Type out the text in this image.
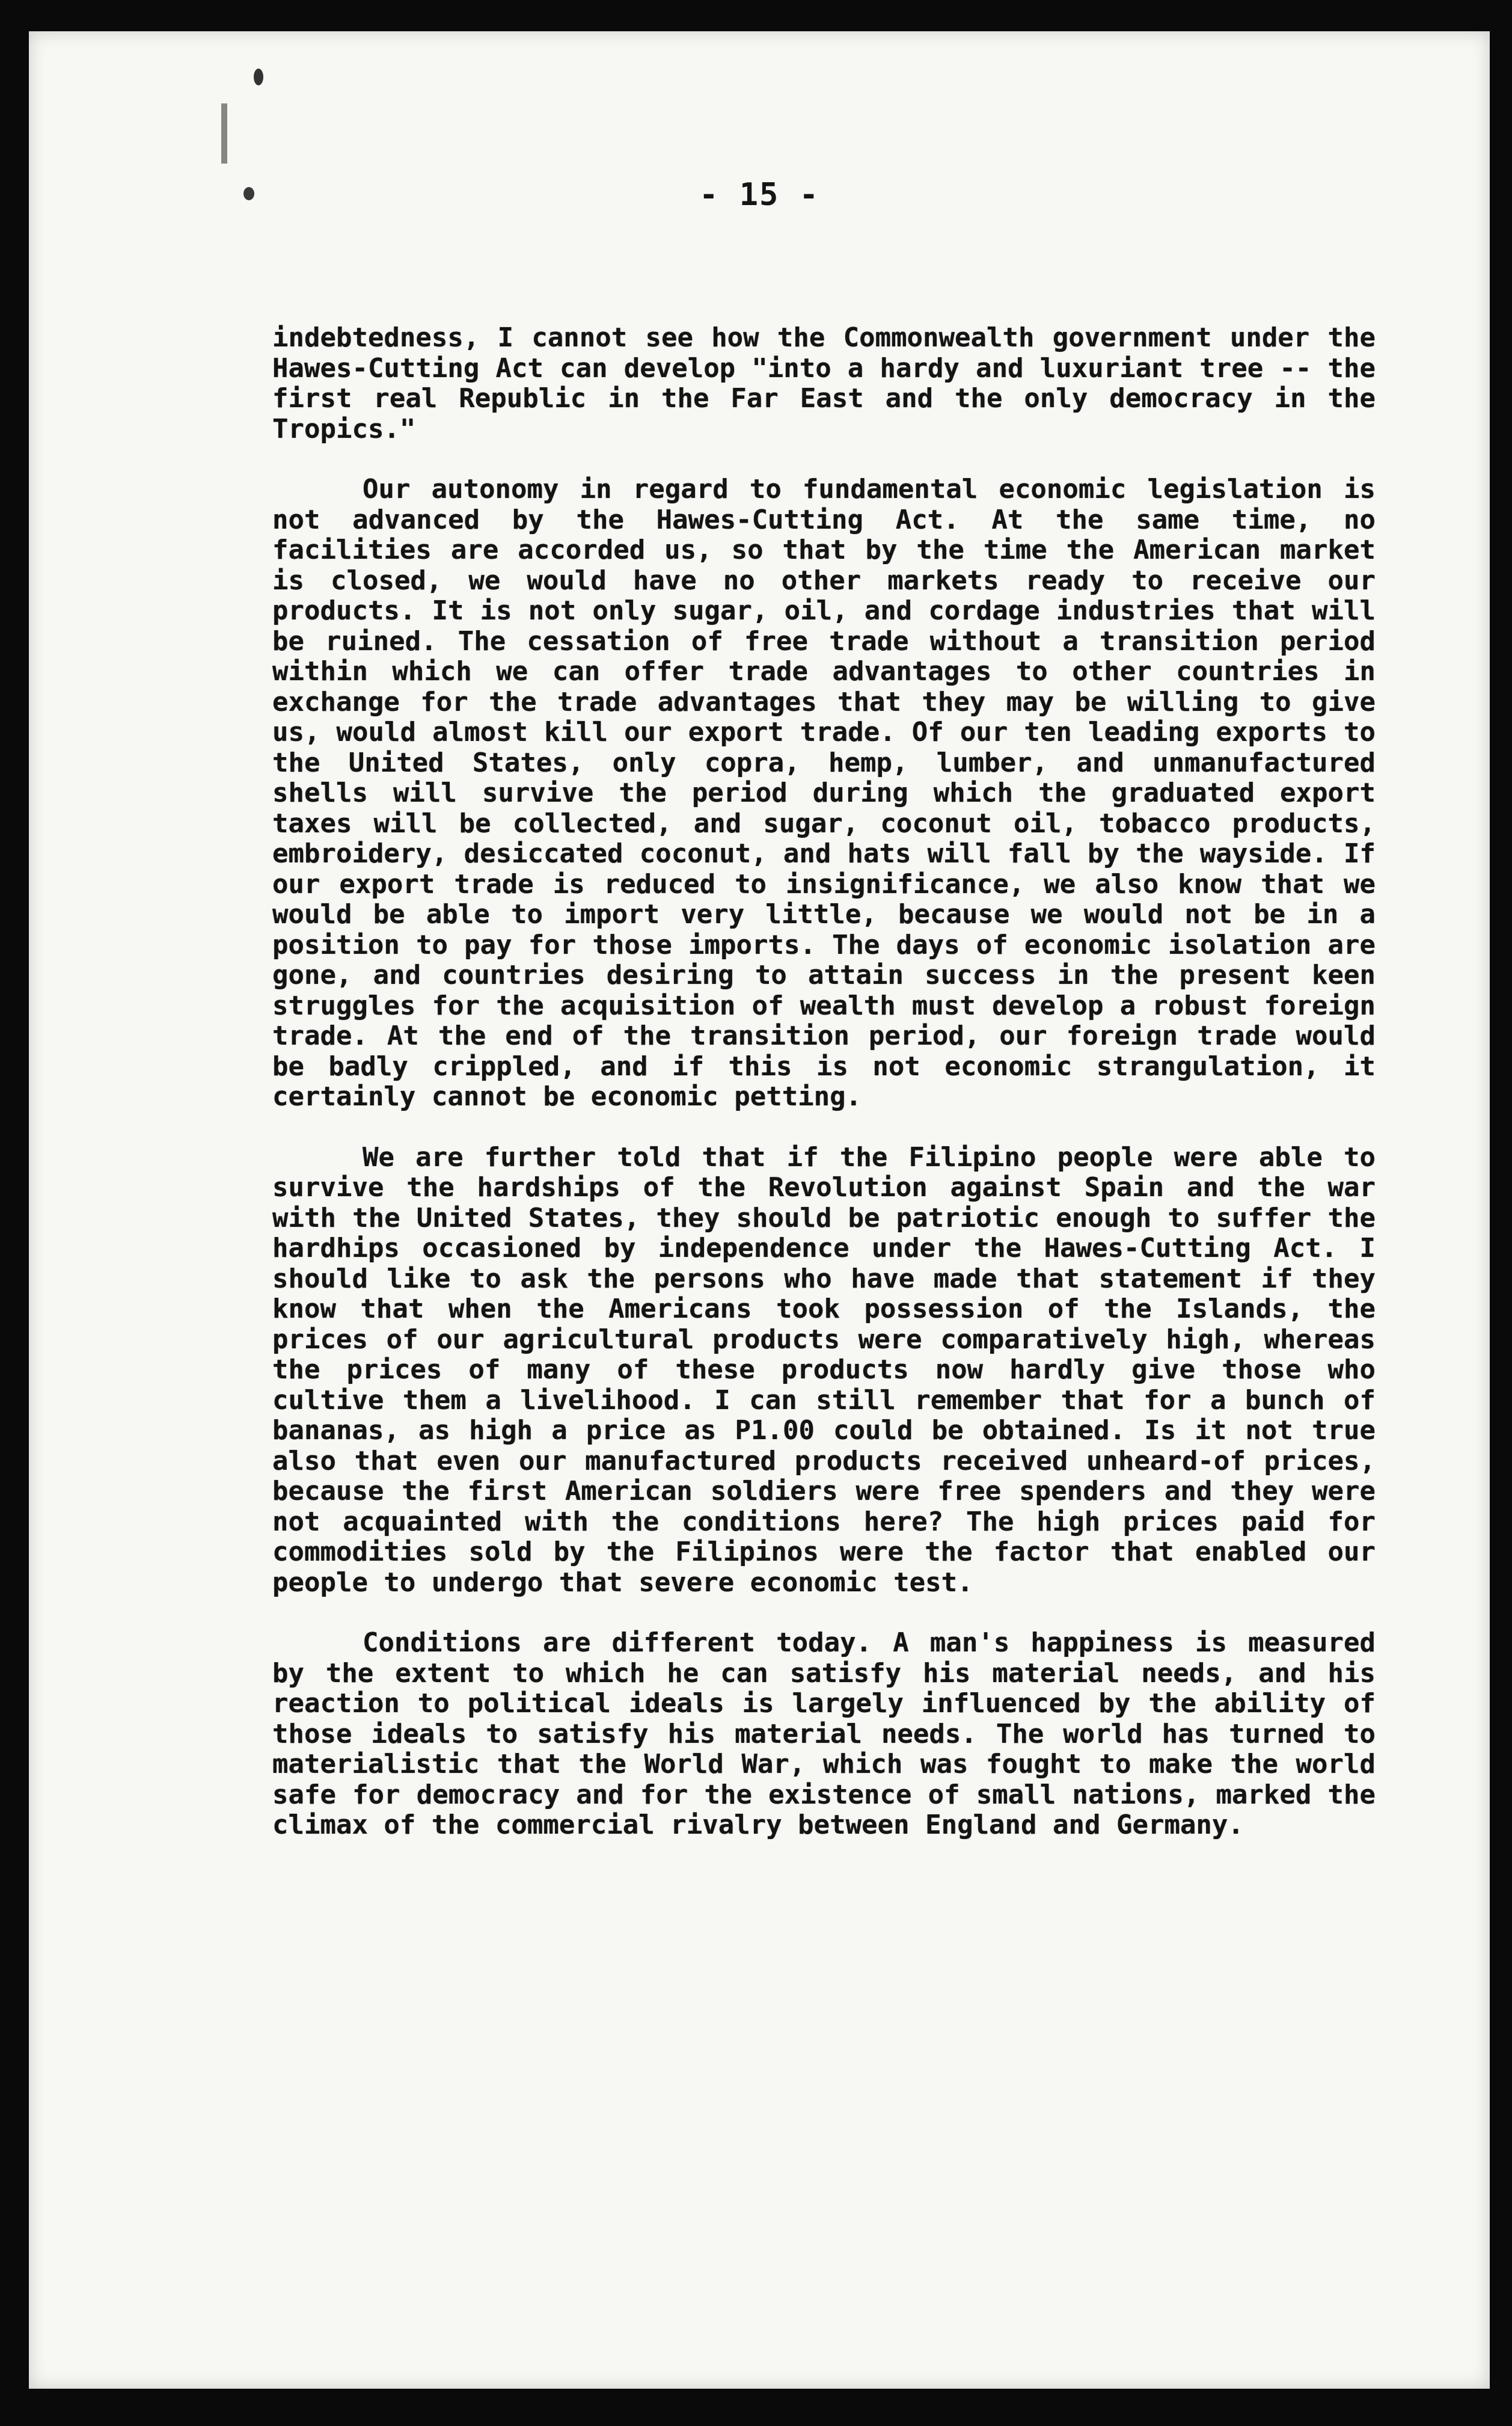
- 15 -

indebtedness, I cannot see how the Commonwealth government under the Hawes-Cutting Act can develop "into a hardy and luxuriant tree -- the first real Republic in the Far East and the only democracy in the Tropics."

Our autonomy in regard to fundamental economic legislation is not advanced by the Hawes-Cutting Act. At the same time, no facilities are accorded us, so that by the time the American market is closed, we would have no other markets ready to receive our products. It is not only sugar, oil, and cordage industries that will be ruined. The cessation of free trade without a transition period within which we can offer trade advantages to other countries in exchange for the trade advantages that they may be willing to give us, would almost kill our export trade. Of our ten leading exports to the United States, only copra, hemp, lumber, and unmanufactured shells will survive the period during which the graduated export taxes will be collected, and sugar, coconut oil, tobacco products, embroidery, desiccated coconut, and hats will fall by the wayside. If our export trade is reduced to insignificance, we also know that we would be able to import very little, because we would not be in a position to pay for those imports. The days of economic isolation are gone, and countries desiring to attain success in the present keen struggles for the acquisition of wealth must develop a robust foreign trade. At the end of the transition period, our foreign trade would be badly crippled, and if this is not economic strangulation, it certainly cannot be economic petting.

We are further told that if the Filipino people were able to survive the hardships of the Revolution against Spain and the war with the United States, they should be patriotic enough to suffer the hardhips occasioned by independence under the Hawes-Cutting Act. I should like to ask the persons who have made that statement if they know that when the Americans took possession of the Islands, the prices of our agricultural products were comparatively high, whereas the prices of many of these products now hardly give those who cultive them a livelihood. I can still remember that for a bunch of bananas, as high a price as P1.00 could be obtained. Is it not true also that even our manufactured products received unheard-of prices, because the first American soldiers were free spenders and they were not acquainted with the conditions here? The high prices paid for commodities sold by the Filipinos were the factor that enabled our people to undergo that severe economic test.

Conditions are different today. A man's happiness is measured by the extent to which he can satisfy his material needs, and his reaction to political ideals is largely influenced by the ability of those ideals to satisfy his material needs. The world has turned to materialistic that the World War, which was fought to make the world safe for democracy and for the existence of small nations, marked the climax of the commercial rivalry between England and Germany.
